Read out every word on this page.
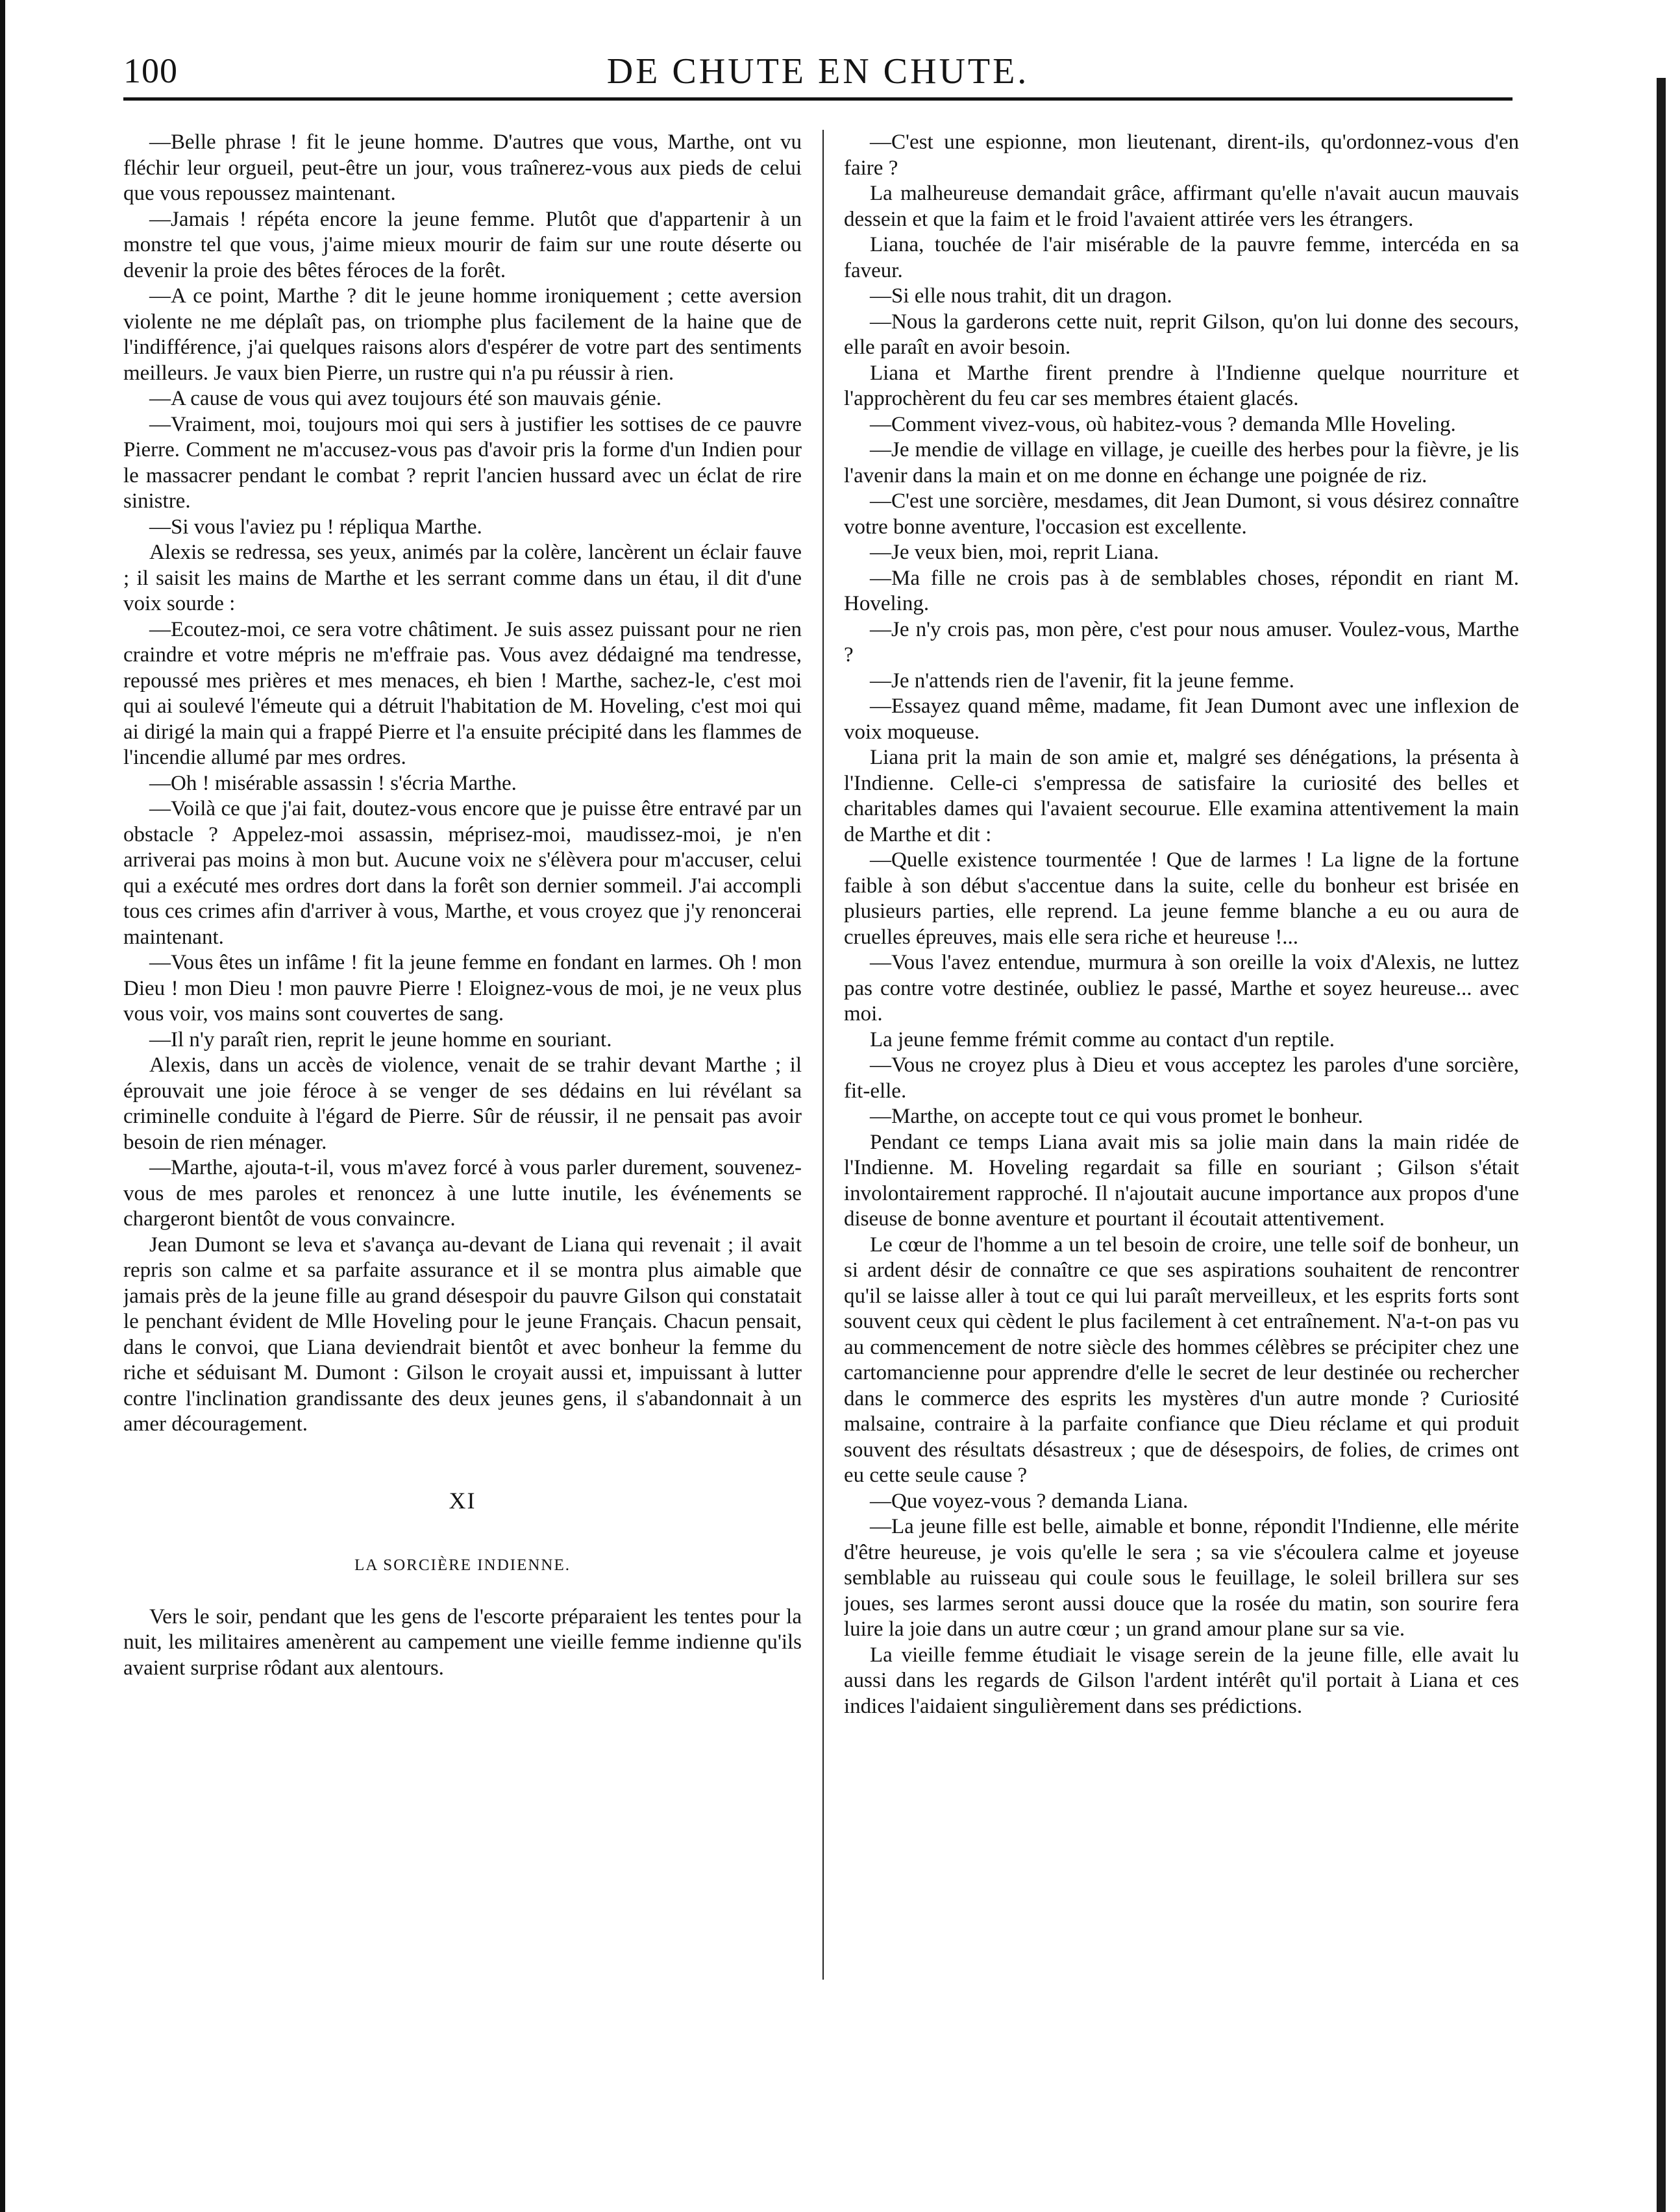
100	DE CHUTE EN CHUTE.

—Belle phrase ! fit le jeune homme. D'autres que vous, Marthe, ont vu fléchir leur orgueil, peut-être un jour, vous traînerez-vous aux pieds de celui que vous repoussez maintenant.

—Jamais ! répéta encore la jeune femme. Plutôt que d'appartenir à un monstre tel que vous, j'aime mieux mourir de faim sur une route déserte ou devenir la proie des bêtes féroces de la forêt.

—A ce point, Marthe ? dit le jeune homme ironiquement ; cette aversion violente ne me déplaît pas, on triomphe plus facilement de la haine que de l'indifférence, j'ai quelques raisons alors d'espérer de votre part des sentiments meilleurs. Je vaux bien Pierre, un rustre qui n'a pu réussir à rien.

—A cause de vous qui avez toujours été son mauvais génie.

—Vraiment, moi, toujours moi qui sers à justifier les sottises de ce pauvre Pierre. Comment ne m'accusez-vous pas d'avoir pris la forme d'un Indien pour le massacrer pendant le combat ? reprit l'ancien hussard avec un éclat de rire sinistre.

—Si vous l'aviez pu ! répliqua Marthe.

Alexis se redressa, ses yeux, animés par la colère, lancèrent un éclair fauve ; il saisit les mains de Marthe et les serrant comme dans un étau, il dit d'une voix sourde :

—Ecoutez-moi, ce sera votre châtiment. Je suis assez puissant pour ne rien craindre et votre mépris ne m'effraie pas. Vous avez dédaigné ma tendresse, repoussé mes prières et mes menaces, eh bien ! Marthe, sachez-le, c'est moi qui ai soulevé l'émeute qui a détruit l'habitation de M. Hoveling, c'est moi qui ai dirigé la main qui a frappé Pierre et l'a ensuite précipité dans les flammes de l'incendie allumé par mes ordres.

—Oh ! misérable assassin ! s'écria Marthe.

—Voilà ce que j'ai fait, doutez-vous encore que je puisse être entravé par un obstacle ? Appelez-moi assassin, méprisez-moi, maudissez-moi, je n'en arriverai pas moins à mon but. Aucune voix ne s'élèvera pour m'accuser, celui qui a exécuté mes ordres dort dans la forêt son dernier sommeil. J'ai accompli tous ces crimes afin d'arriver à vous, Marthe, et vous croyez que j'y renoncerai maintenant.

—Vous êtes un infâme ! fit la jeune femme en fondant en larmes. Oh ! mon Dieu ! mon Dieu ! mon pauvre Pierre ! Eloignez-vous de moi, je ne veux plus vous voir, vos mains sont couvertes de sang.

—Il n'y paraît rien, reprit le jeune homme en souriant.

Alexis, dans un accès de violence, venait de se trahir devant Marthe ; il éprouvait une joie féroce à se venger de ses dédains en lui révélant sa criminelle conduite à l'égard de Pierre. Sûr de réussir, il ne pensait pas avoir besoin de rien ménager.

—Marthe, ajouta-t-il, vous m'avez forcé à vous parler durement, souvenez-vous de mes paroles et renoncez à une lutte inutile, les événements se chargeront bientôt de vous convaincre.

Jean Dumont se leva et s'avança au-devant de Liana qui revenait ; il avait repris son calme et sa parfaite assurance et il se montra plus aimable que jamais près de la jeune fille au grand désespoir du pauvre Gilson qui constatait le penchant évident de Mlle Hoveling pour le jeune Français. Chacun pensait, dans le convoi, que Liana deviendrait bientôt et avec bonheur la femme du riche et séduisant M. Dumont : Gilson le croyait aussi et, impuissant à lutter contre l'inclination grandissante des deux jeunes gens, il s'abandonnait à un amer découragement.

XI
LA SORCIÈRE INDIENNE.

Vers le soir, pendant que les gens de l'escorte préparaient les tentes pour la nuit, les militaires amenèrent au campement une vieille femme indienne qu'ils avaient surprise rôdant aux alentours.

—C'est une espionne, mon lieutenant, dirent-ils, qu'ordonnez-vous d'en faire ?

La malheureuse demandait grâce, affirmant qu'elle n'avait aucun mauvais dessein et que la faim et le froid l'avaient attirée vers les étrangers.

Liana, touchée de l'air misérable de la pauvre femme, intercéda en sa faveur.

—Si elle nous trahit, dit un dragon.

—Nous la garderons cette nuit, reprit Gilson, qu'on lui donne des secours, elle paraît en avoir besoin.

Liana et Marthe firent prendre à l'Indienne quelque nourriture et l'approchèrent du feu car ses membres étaient glacés.

—Comment vivez-vous, où habitez-vous ? demanda Mlle Hoveling.

—Je mendie de village en village, je cueille des herbes pour la fièvre, je lis l'avenir dans la main et on me donne en échange une poignée de riz.

—C'est une sorcière, mesdames, dit Jean Dumont, si vous désirez connaître votre bonne aventure, l'occasion est excellente.

—Je veux bien, moi, reprit Liana.

—Ma fille ne crois pas à de semblables choses, répondit en riant M. Hoveling.

—Je n'y crois pas, mon père, c'est pour nous amuser. Voulez-vous, Marthe ?

—Je n'attends rien de l'avenir, fit la jeune femme.

—Essayez quand même, madame, fit Jean Dumont avec une inflexion de voix moqueuse.

Liana prit la main de son amie et, malgré ses dénégations, la présenta à l'Indienne. Celle-ci s'empressa de satisfaire la curiosité des belles et charitables dames qui l'avaient secourue. Elle examina attentivement la main de Marthe et dit :

—Quelle existence tourmentée ! Que de larmes ! La ligne de la fortune faible à son début s'accentue dans la suite, celle du bonheur est brisée en plusieurs parties, elle reprend. La jeune femme blanche a eu ou aura de cruelles épreuves, mais elle sera riche et heureuse !...

—Vous l'avez entendue, murmura à son oreille la voix d'Alexis, ne luttez pas contre votre destinée, oubliez le passé, Marthe et soyez heureuse... avec moi.

La jeune femme frémit comme au contact d'un reptile.

—Vous ne croyez plus à Dieu et vous acceptez les paroles d'une sorcière, fit-elle.

—Marthe, on accepte tout ce qui vous promet le bonheur.

Pendant ce temps Liana avait mis sa jolie main dans la main ridée de l'Indienne. M. Hoveling regardait sa fille en souriant ; Gilson s'était involontairement rapproché. Il n'ajoutait aucune importance aux propos d'une diseuse de bonne aventure et pourtant il écoutait attentivement.

Le cœur de l'homme a un tel besoin de croire, une telle soif de bonheur, un si ardent désir de connaître ce que ses aspirations souhaitent de rencontrer qu'il se laisse aller à tout ce qui lui paraît merveilleux, et les esprits forts sont souvent ceux qui cèdent le plus facilement à cet entraînement. N'a-t-on pas vu au commencement de notre siècle des hommes célèbres se précipiter chez une cartomancienne pour apprendre d'elle le secret de leur destinée ou rechercher dans le commerce des esprits les mystères d'un autre monde ? Curiosité malsaine, contraire à la parfaite confiance que Dieu réclame et qui produit souvent des résultats désastreux ; que de désespoirs, de folies, de crimes ont eu cette seule cause ?

—Que voyez-vous ? demanda Liana.

—La jeune fille est belle, aimable et bonne, répondit l'Indienne, elle mérite d'être heureuse, je vois qu'elle le sera ; sa vie s'écoulera calme et joyeuse semblable au ruisseau qui coule sous le feuillage, le soleil brillera sur ses joues, ses larmes seront aussi douce que la rosée du matin, son sourire fera luire la joie dans un autre cœur ; un grand amour plane sur sa vie.

La vieille femme étudiait le visage serein de la jeune fille, elle avait lu aussi dans les regards de Gilson l'ardent intérêt qu'il portait à Liana et ces indices l'aidaient singulièrement dans ses prédictions.
